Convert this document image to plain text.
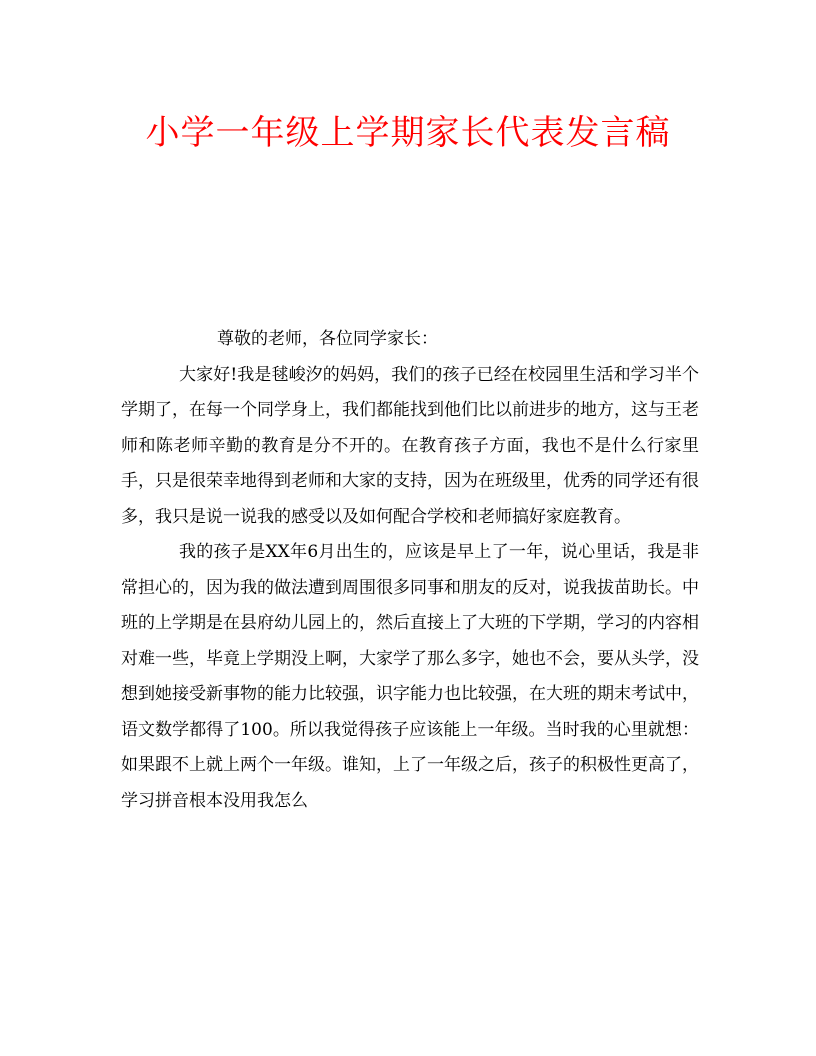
小学一年级上学期家长代表发言稿

尊敬的老师，各位同学家长：

大家好!我是毬峻汐的妈妈，我们的孩子已经在校园里生活和学习半个学期了，在每一个同学身上，我们都能找到他们比以前进步的地方，这与王老师和陈老师辛勤的教育是分不开的。在教育孩子方面，我也不是什么行家里手，只是很荣幸地得到老师和大家的支持，因为在班级里，优秀的同学还有很多，我只是说一说我的感受以及如何配合学校和老师搞好家庭教育。

我的孩子是XX年6月出生的，应该是早上了一年，说心里话，我是非常担心的，因为我的做法遭到周围很多同事和朋友的反对，说我拔苗助长。中班的上学期是在县府幼儿园上的，然后直接上了大班的下学期，学习的内容相对难一些，毕竟上学期没上啊，大家学了那么多字，她也不会，要从头学，没想到她接受新事物的能力比较强，识字能力也比较强，在大班的期末考试中，语文数学都得了100。所以我觉得孩子应该能上一年级。当时我的心里就想：如果跟不上就上两个一年级。谁知，上了一年级之后，孩子的积极性更高了，学习拼音根本没用我怎么
